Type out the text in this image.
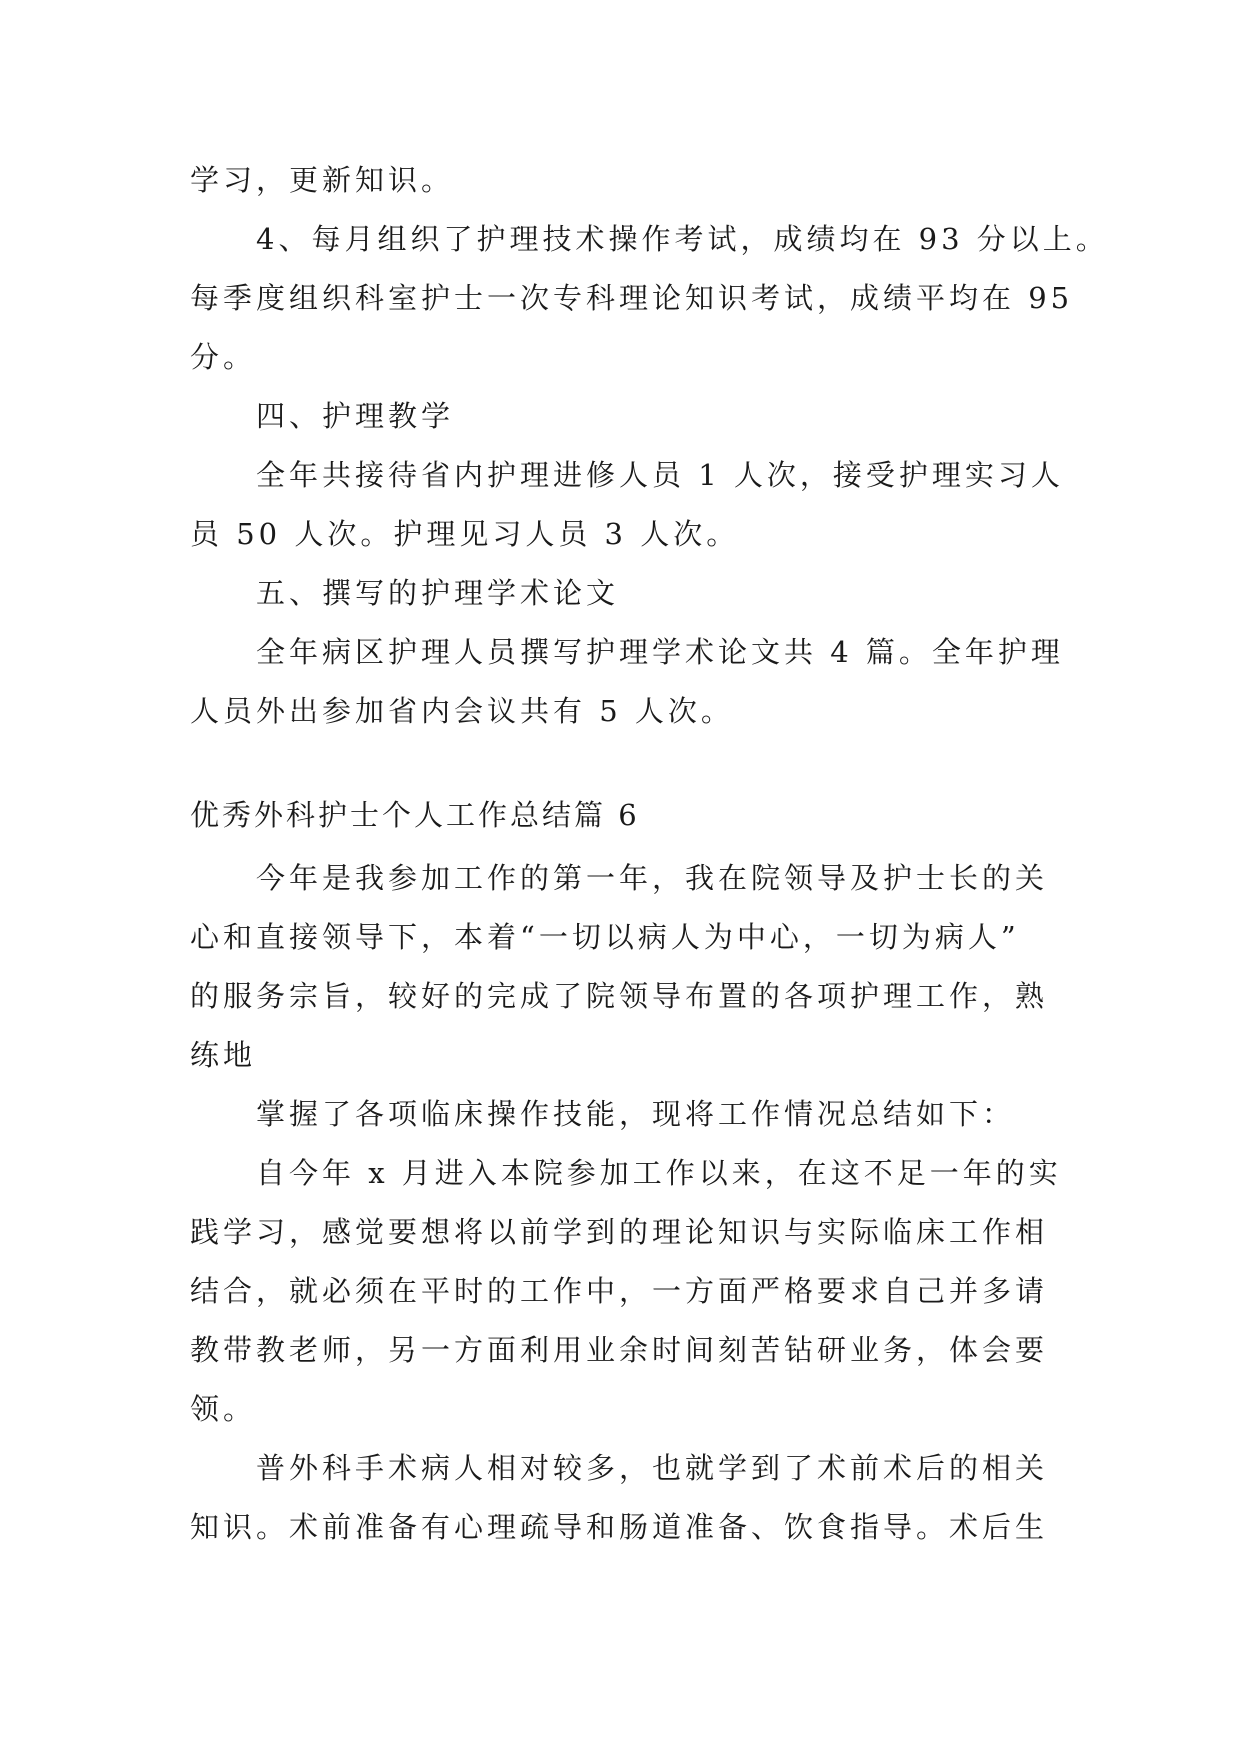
学习，更新知识。

4、每月组织了护理技术操作考试，成绩均在 93 分以上。

每季度组织科室护士一次专科理论知识考试，成绩平均在 95

分。

四、护理教学

全年共接待省内护理进修人员 1 人次，接受护理实习人

员 50 人次。护理见习人员 3 人次。

五、撰写的护理学术论文

全年病区护理人员撰写护理学术论文共 4 篇。全年护理

人员外出参加省内会议共有 5 人次。

优秀外科护士个人工作总结篇 6

今年是我参加工作的第一年，我在院领导及护士长的关

心和直接领导下，本着“一切以病人为中心，一切为病人”

的服务宗旨，较好的完成了院领导布置的各项护理工作，熟

练地

掌握了各项临床操作技能，现将工作情况总结如下：

自今年 x 月进入本院参加工作以来，在这不足一年的实

践学习，感觉要想将以前学到的理论知识与实际临床工作相

结合，就必须在平时的工作中，一方面严格要求自己并多请

教带教老师，另一方面利用业余时间刻苦钻研业务，体会要

领。

普外科手术病人相对较多，也就学到了术前术后的相关

知识。术前准备有心理疏导和肠道准备、饮食指导。术后生
